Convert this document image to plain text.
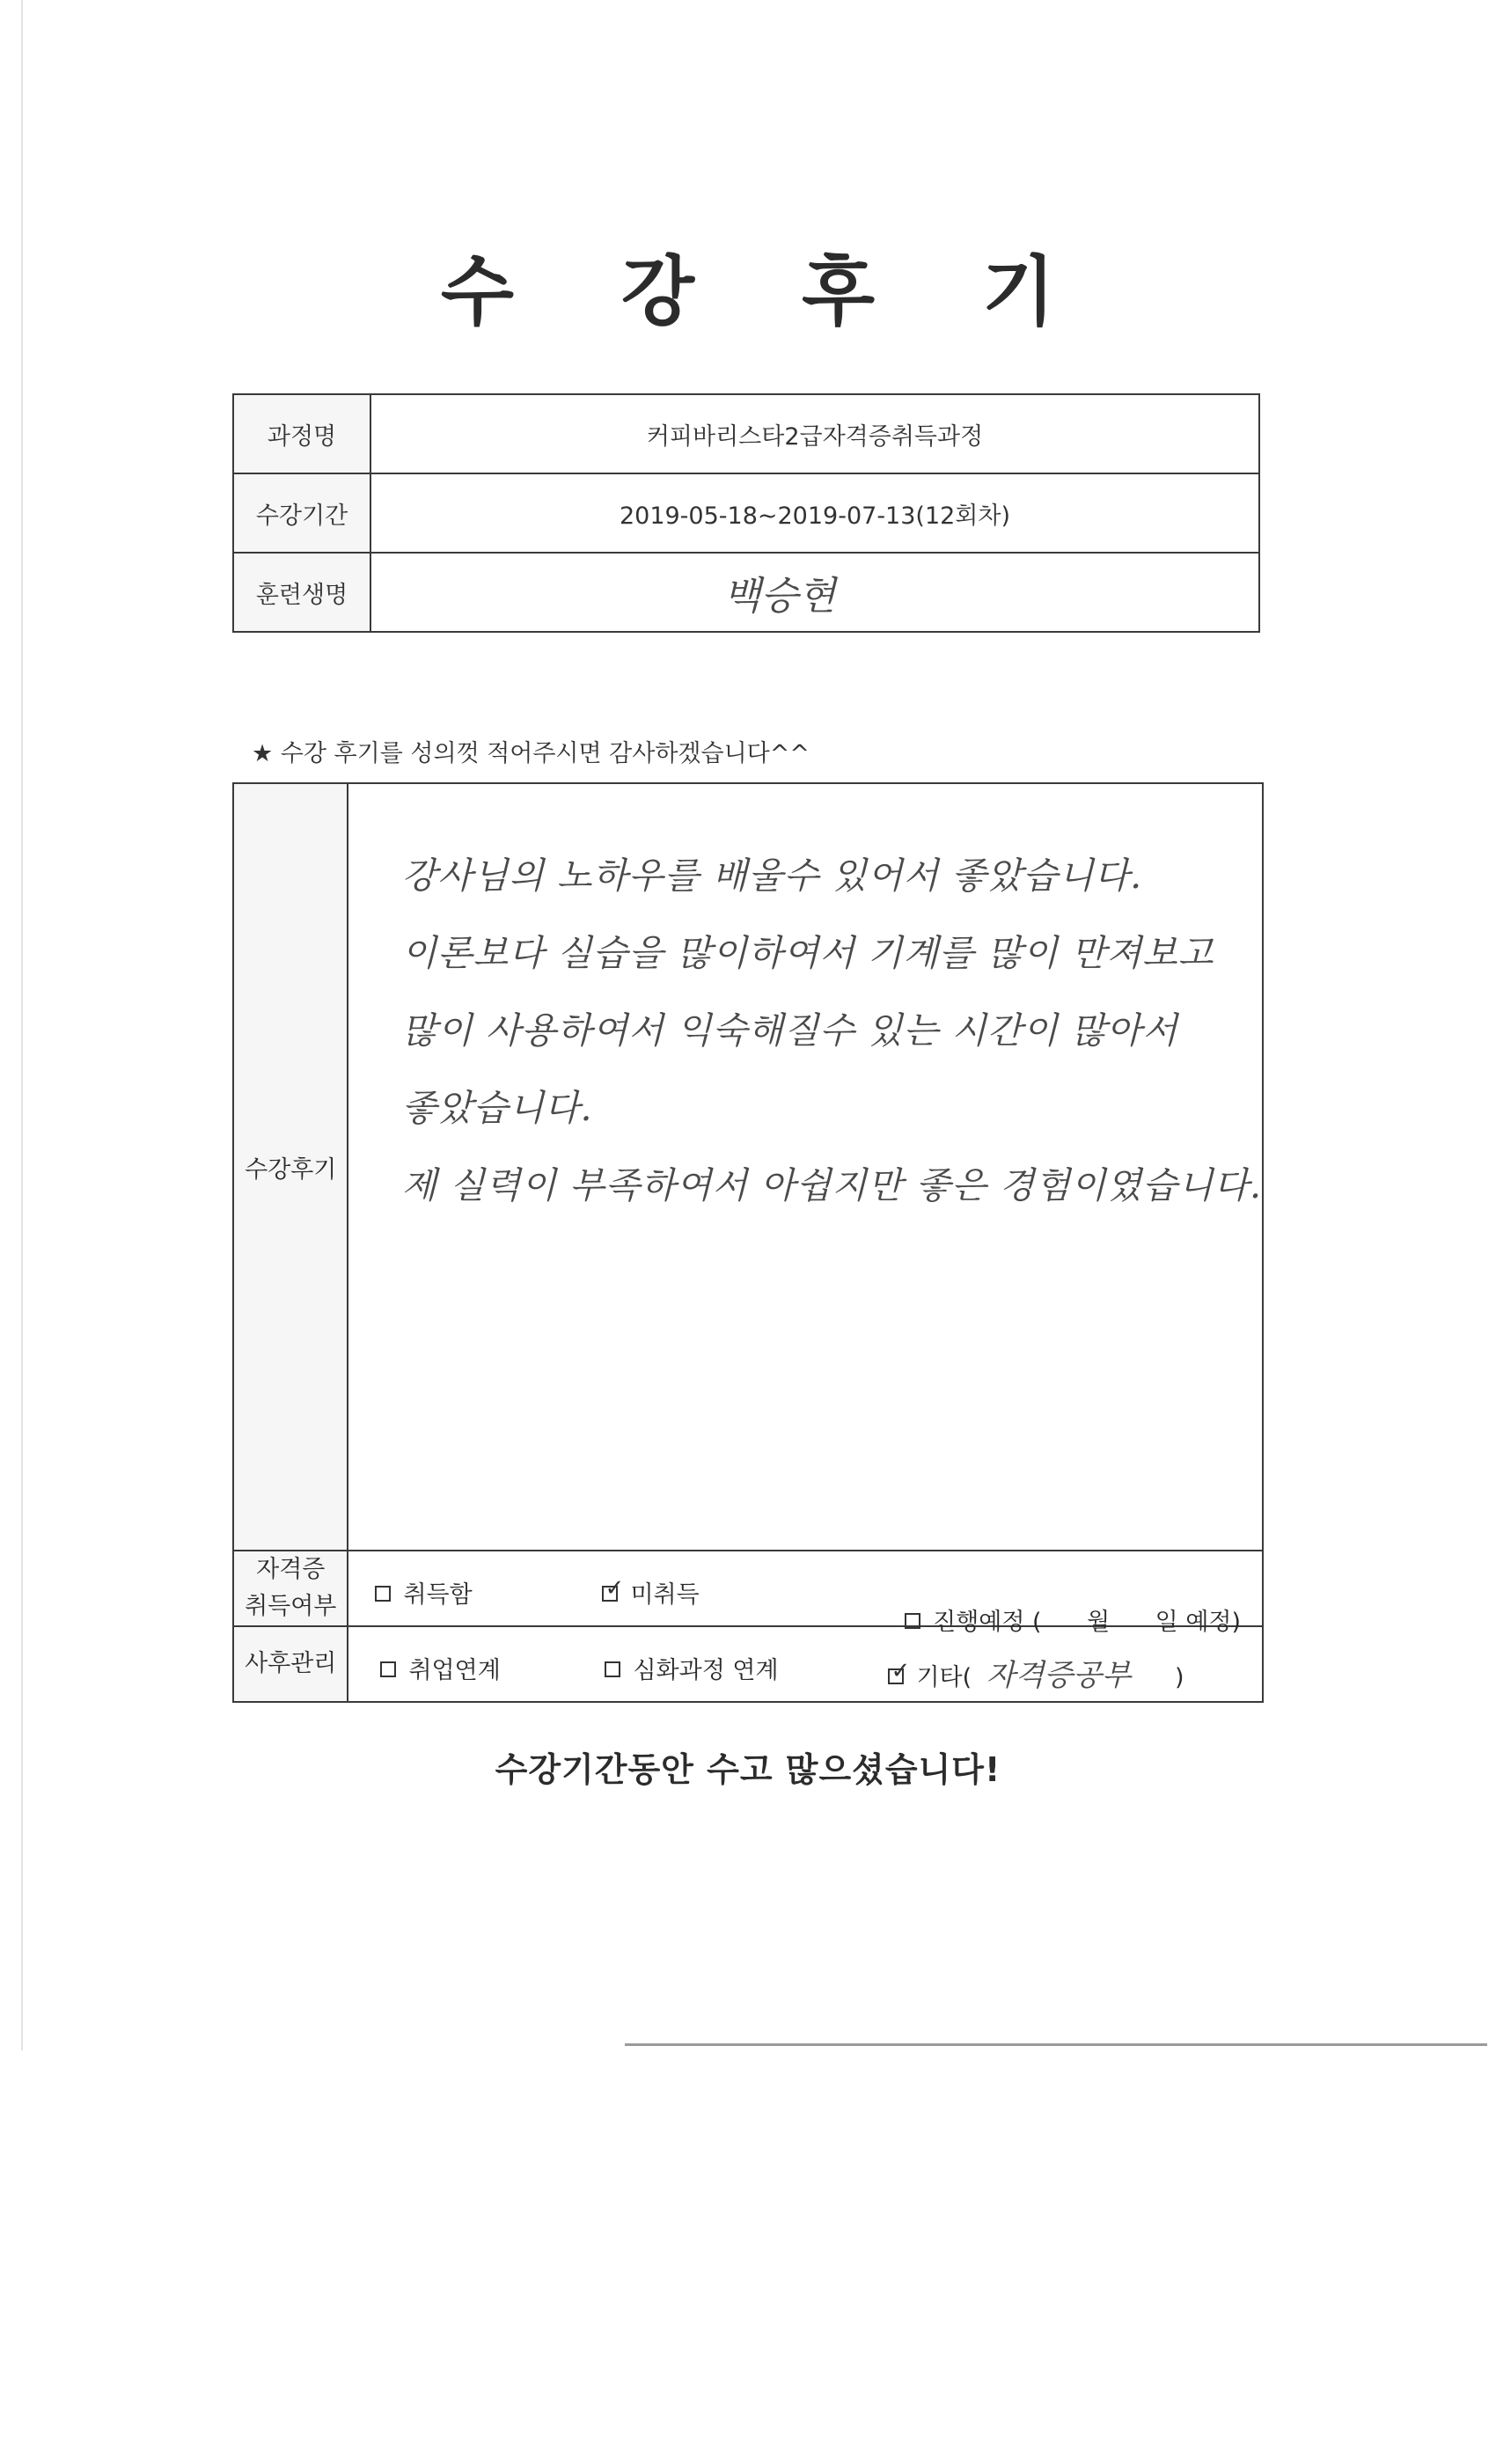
수 강 후 기
과정명	커피바리스타2급자격증취득과정
수강기간	2019-05-18~2019-07-13(12회차)
훈련생명	백승현
★ 수강 후기를 성의껏 적어주시면 감사하겠습니다^^
수강후기	강사님의 노하우를 배울수 있어서 좋았습니다.
이론보다 실습을 많이하여서 기계를 많이 만져보고
많이 사용하여서 익숙해질수 있는 시간이 많아서
좋았습니다.
제 실력이 부족하여서 아쉽지만 좋은 경험이였습니다.

자격증
취득여부	취득함 ✓ 미취득

진행예정 (      월      일 예정)

사후관리	취업연계 심화과정 연계 ✓ 기타( 자격증공부 )
수강기간동안 수고 많으셨습니다!
